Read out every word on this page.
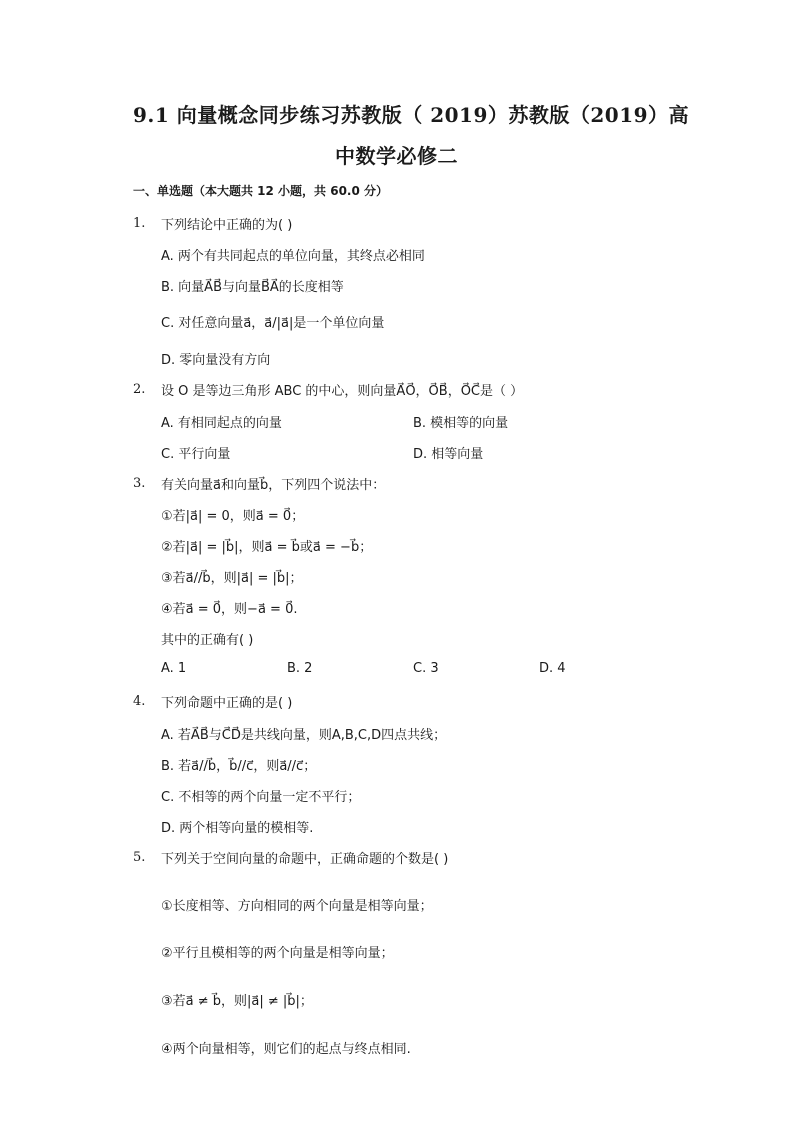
9.1 向量概念同步练习苏教版（ 2019）苏教版（2019）高
中数学必修二
一、单选题（本大题共 12 小题，共 60.0 分）
1. 下列结论中正确的为( )
A. 两个有共同起点的单位向量，其终点必相同
B. 向量A⃗B⃗与向量B⃗A⃗的长度相等
C. 对任意向量a⃗，a⃗/|a⃗|是一个单位向量
D. 零向量没有方向
2. 设 O 是等边三角形 ABC 的中心，则向量A⃗O⃗，O⃗B⃗，O⃗C⃗是（ ）
A. 有相同起点的向量	B. 模相等的向量
C. 平行向量	D. 相等向量
3. 有关向量a⃗和向量b⃗，下列四个说法中：
①若|a⃗| = 0，则a⃗ = 0⃗；
②若|a⃗| = |b⃗|，则a⃗ = b⃗或a⃗ = −b⃗；
③若a⃗//b⃗，则|a⃗| = |b⃗|；
④若a⃗ = 0⃗，则−a⃗ = 0⃗.
其中的正确有( )
A. 1	B. 2	C. 3	D. 4
4. 下列命题中正确的是( )
A. 若A⃗B⃗与C⃗D⃗是共线向量，则A,B,C,D四点共线；
B. 若a⃗//b⃗，b⃗//c⃗，则a⃗//c⃗；
C. 不相等的两个向量一定不平行；
D. 两个相等向量的模相等.
5. 下列关于空间向量的命题中，正确命题的个数是( )
①长度相等、方向相同的两个向量是相等向量；
②平行且模相等的两个向量是相等向量；
③若a⃗ ≠ b⃗，则|a⃗| ≠ |b⃗|；
④两个向量相等，则它们的起点与终点相同.
